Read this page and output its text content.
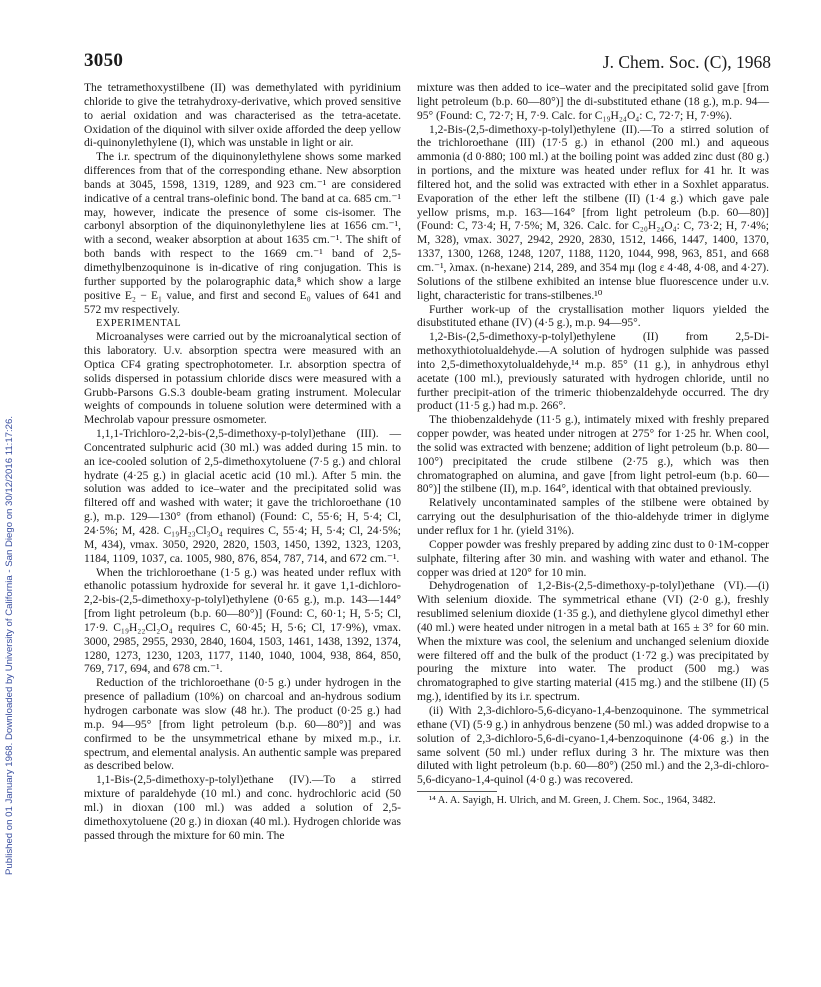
3050	J. Chem. Soc. (C), 1968
Published on 01 January 1968. Downloaded by University of California - San Diego on 30/12/2016 11:17:26.

The tetramethoxystilbene (II) was demethylated with pyridinium chloride to give the tetrahydroxy-derivative, which proved sensitive to aerial oxidation and was characterised as the tetra-acetate. Oxidation of the diquinol with silver oxide afforded the deep yellow di-quinonylethylene (I), which was unstable in light or air.

The i.r. spectrum of the diquinonylethylene shows some marked differences from that of the corresponding ethane. New absorption bands at 3045, 1598, 1319, 1289, and 923 cm.⁻¹ are considered indicative of a central trans-olefinic bond. The band at ca. 685 cm.⁻¹ may, however, indicate the presence of some cis-isomer. The carbonyl absorption of the diquinonylethylene lies at 1656 cm.⁻¹, with a second, weaker absorption at about 1635 cm.⁻¹. The shift of both bands with respect to the 1669 cm.⁻¹ band of 2,5-dimethylbenzoquinone is in-dicative of ring conjugation. This is further supported by the polarographic data,⁸ which show a large positive E₂ − E₁ value, and first and second E₀ values of 641 and 572 mv respectively.

EXPERIMENTAL

Microanalyses were carried out by the microanalytical section of this laboratory. U.v. absorption spectra were measured with an Optica CF4 grating spectrophotometer. I.r. absorption spectra of solids dispersed in potassium chloride discs were measured with a Grubb-Parsons G.S.3 double-beam grating instrument. Molecular weights of compounds in toluene solution were determined with a Mechrolab vapour pressure osmometer.

1,1,1-Trichloro-2,2-bis-(2,5-dimethoxy-p-tolyl)ethane (III). —Concentrated sulphuric acid (30 ml.) was added during 15 min. to an ice-cooled solution of 2,5-dimethoxytoluene (7·5 g.) and chloral hydrate (4·25 g.) in glacial acetic acid (10 ml.). After 5 min. the solution was added to ice–water and the precipitated solid was filtered off and washed with water; it gave the trichloroethane (10 g.), m.p. 129—130° (from ethanol) (Found: C, 55·6; H, 5·4; Cl, 24·5%; M, 428. C₁₉H₂₃Cl₃O₄ requires C, 55·4; H, 5·4; Cl, 24·5%; M, 434), νmax. 3050, 2920, 2820, 1503, 1450, 1392, 1323, 1203, 1184, 1109, 1037, ca. 1005, 980, 876, 854, 787, 714, and 672 cm.⁻¹.

When the trichloroethane (1·5 g.) was heated under reflux with ethanolic potassium hydroxide for several hr. it gave 1,1-dichloro-2,2-bis-(2,5-dimethoxy-p-tolyl)ethylene (0·65 g.), m.p. 143—144° [from light petroleum (b.p. 60—80°)] (Found: C, 60·1; H, 5·5; Cl, 17·9. C₁₉H₂₂Cl₂O₄ requires C, 60·45; H, 5·6; Cl, 17·9%), νmax. 3000, 2985, 2955, 2930, 2840, 1604, 1503, 1461, 1438, 1392, 1374, 1280, 1273, 1230, 1203, 1177, 1140, 1040, 1004, 938, 864, 850, 769, 717, 694, and 678 cm.⁻¹.

Reduction of the trichloroethane (0·5 g.) under hydrogen in the presence of palladium (10%) on charcoal and an-hydrous sodium hydrogen carbonate was slow (48 hr.). The product (0·25 g.) had m.p. 94—95° [from light petroleum (b.p. 60—80°)] and was confirmed to be the unsymmetrical ethane by mixed m.p., i.r. spectrum, and elemental analysis. An authentic sample was prepared as described below.

1,1-Bis-(2,5-dimethoxy-p-tolyl)ethane (IV).—To a stirred mixture of paraldehyde (10 ml.) and conc. hydrochloric acid (50 ml.) in dioxan (100 ml.) was added a solution of 2,5-dimethoxytoluene (20 g.) in dioxan (40 ml.). Hydrogen chloride was passed through the mixture for 60 min. The

mixture was then added to ice–water and the precipitated solid gave [from light petroleum (b.p. 60—80°)] the di-substituted ethane (18 g.), m.p. 94—95° (Found: C, 72·7; H, 7·9. Calc. for C₁₉H₂₄O₄: C, 72·7; H, 7·9%).

1,2-Bis-(2,5-dimethoxy-p-tolyl)ethylene (II).—To a stirred solution of the trichloroethane (III) (17·5 g.) in ethanol (200 ml.) and aqueous ammonia (d 0·880; 100 ml.) at the boiling point was added zinc dust (80 g.) in portions, and the mixture was heated under reflux for 41 hr. It was filtered hot, and the solid was extracted with ether in a Soxhlet apparatus. Evaporation of the ether left the stilbene (II) (1·4 g.) which gave pale yellow prisms, m.p. 163—164° [from light petroleum (b.p. 60—80)] (Found: C, 73·4; H, 7·5%; M, 326. Calc. for C₂₀H₂₄O₄: C, 73·2; H, 7·4%; M, 328), νmax. 3027, 2942, 2920, 2830, 1512, 1466, 1447, 1400, 1370, 1337, 1300, 1268, 1248, 1207, 1188, 1120, 1044, 998, 963, 851, and 668 cm.⁻¹, λmax. (n-hexane) 214, 289, and 354 mμ (log ε 4·48, 4·08, and 4·27). Solutions of the stilbene exhibited an intense blue fluorescence under u.v. light, characteristic for trans-stilbenes.¹⁰

Further work-up of the crystallisation mother liquors yielded the disubstituted ethane (IV) (4·5 g.), m.p. 94—95°.

1,2-Bis-(2,5-dimethoxy-p-tolyl)ethylene (II) from 2,5-Di-methoxythiotolualdehyde.—A solution of hydrogen sulphide was passed into 2,5-dimethoxytolualdehyde,¹⁴ m.p. 85° (11 g.), in anhydrous ethyl acetate (100 ml.), previously saturated with hydrogen chloride, until no further precipit-ation of the trimeric thiobenzaldehyde occurred. The dry product (11·5 g.) had m.p. 266°.

The thiobenzaldehyde (11·5 g.), intimately mixed with freshly prepared copper powder, was heated under nitrogen at 275° for 1·25 hr. When cool, the solid was extracted with benzene; addition of light petroleum (b.p. 80—100°) precipitated the crude stilbene (2·75 g.), which was then chromatographed on alumina, and gave [from light petrol-eum (b.p. 60—80°)] the stilbene (II), m.p. 164°, identical with that obtained previously.

Relatively uncontaminated samples of the stilbene were obtained by carrying out the desulphurisation of the thio-aldehyde trimer in diglyme under reflux for 1 hr. (yield 31%).

Copper powder was freshly prepared by adding zinc dust to 0·1M-copper sulphate, filtering after 30 min. and washing with water and ethanol. The copper was dried at 120° for 10 min.

Dehydrogenation of 1,2-Bis-(2,5-dimethoxy-p-tolyl)ethane (VI).—(i) With selenium dioxide. The symmetrical ethane (VI) (2·0 g.), freshly resublimed selenium dioxide (1·35 g.), and diethylene glycol dimethyl ether (40 ml.) were heated under nitrogen in a metal bath at 165 ± 3° for 60 min. When the mixture was cool, the selenium and unchanged selenium dioxide were filtered off and the bulk of the product (1·72 g.) was precipitated by pouring the mixture into water. The product (500 mg.) was chromatographed to give starting material (415 mg.) and the stilbene (II) (5 mg.), identified by its i.r. spectrum.

(ii) With 2,3-dichloro-5,6-dicyano-1,4-benzoquinone. The symmetrical ethane (VI) (5·9 g.) in anhydrous benzene (50 ml.) was added dropwise to a solution of 2,3-dichloro-5,6-di-cyano-1,4-benzoquinone (4·06 g.) in the same solvent (50 ml.) under reflux during 3 hr. The mixture was then diluted with light petroleum (b.p. 60—80°) (250 ml.) and the 2,3-di-chloro-5,6-dicyano-1,4-quinol (4·0 g.) was recovered.

¹⁴ A. A. Sayigh, H. Ulrich, and M. Green, J. Chem. Soc., 1964, 3482.
